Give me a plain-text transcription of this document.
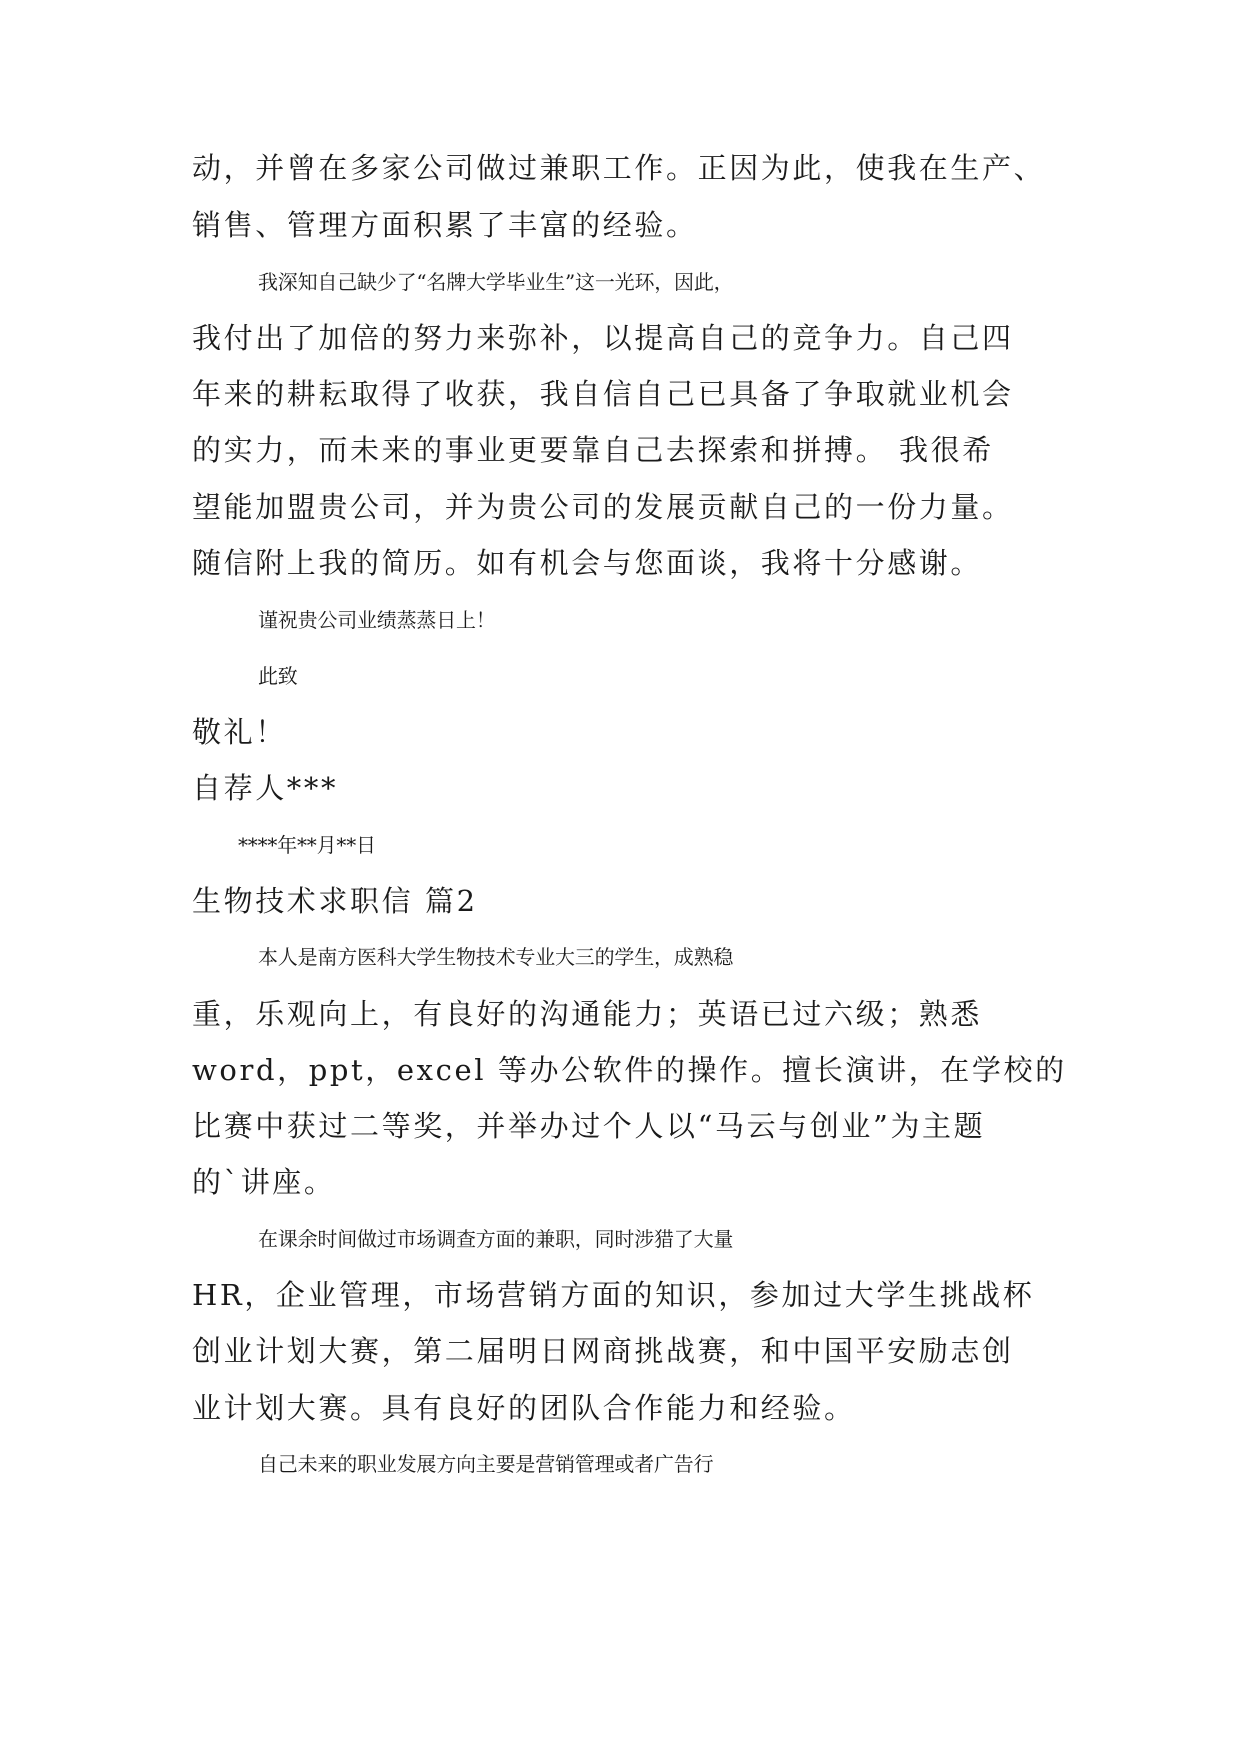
动，并曾在多家公司做过兼职工作。正因为此，使我在生产、
销售、管理方面积累了丰富的经验。
我深知自己缺少了“名牌大学毕业生”这一光环，因此，
我付出了加倍的努力来弥补，以提高自己的竞争力。自己四
年来的耕耘取得了收获，我自信自己已具备了争取就业机会
的实力，而未来的事业更要靠自己去探索和拼搏。 我很希
望能加盟贵公司，并为贵公司的发展贡献自己的一份力量。
随信附上我的简历。如有机会与您面谈，我将十分感谢。
谨祝贵公司业绩蒸蒸日上！
此致
敬礼！
自荐人***
****年**月**日
生物技术求职信 篇2
本人是南方医科大学生物技术专业大三的学生，成熟稳
重，乐观向上，有良好的沟通能力；英语已过六级；熟悉
word，ppt，excel 等办公软件的操作。擅长演讲，在学校的
比赛中获过二等奖，并举办过个人以“马云与创业”为主题
的`讲座。
在课余时间做过市场调查方面的兼职，同时涉猎了大量
HR，企业管理，市场营销方面的知识，参加过大学生挑战杯
创业计划大赛，第二届明日网商挑战赛，和中国平安励志创
业计划大赛。具有良好的团队合作能力和经验。
自己未来的职业发展方向主要是营销管理或者广告行
